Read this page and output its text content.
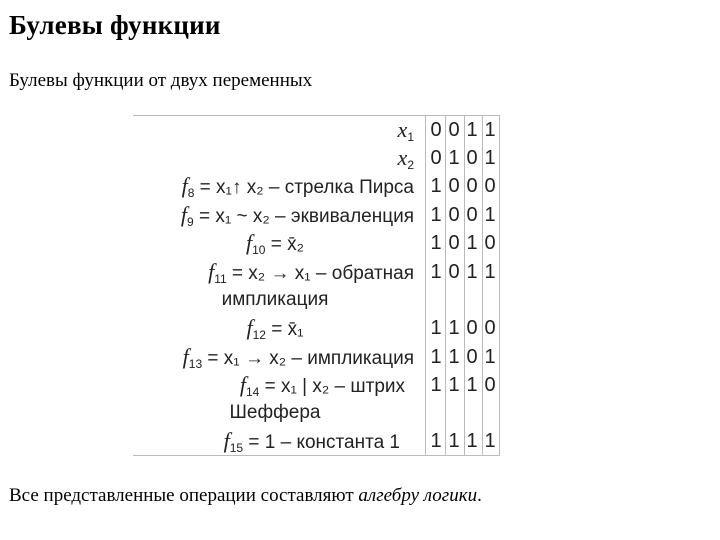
Булевы функции
Булевы функции от двух переменных
$x_1$ 0 0 1 1
$x_2$ 0 1 0 1
$f_8$ = x₁↑ x₂ – стрелка Пирса 1 0 0 0
$f_9 = x_1$ ~ x₂ – эквиваленция 1 0 0 1
$f_{10}$ = x̄₂	1 0 1 0
$f_{11} = x_2 \to x_1$ – обратная
импликация
1 0 1 1
$f_{12}$ = x̄₁	1 1 0 0
$f_{13} = x_1 \to x_2$ – импликация 1 1 0 1
$f_{14} = x_1$ | x₂ – штрих
Шеффера
1 1 1 0
$f_{15} = 1$ – константа 1 1 1 1 1
Все представленные операции составляют алгебру логики.
